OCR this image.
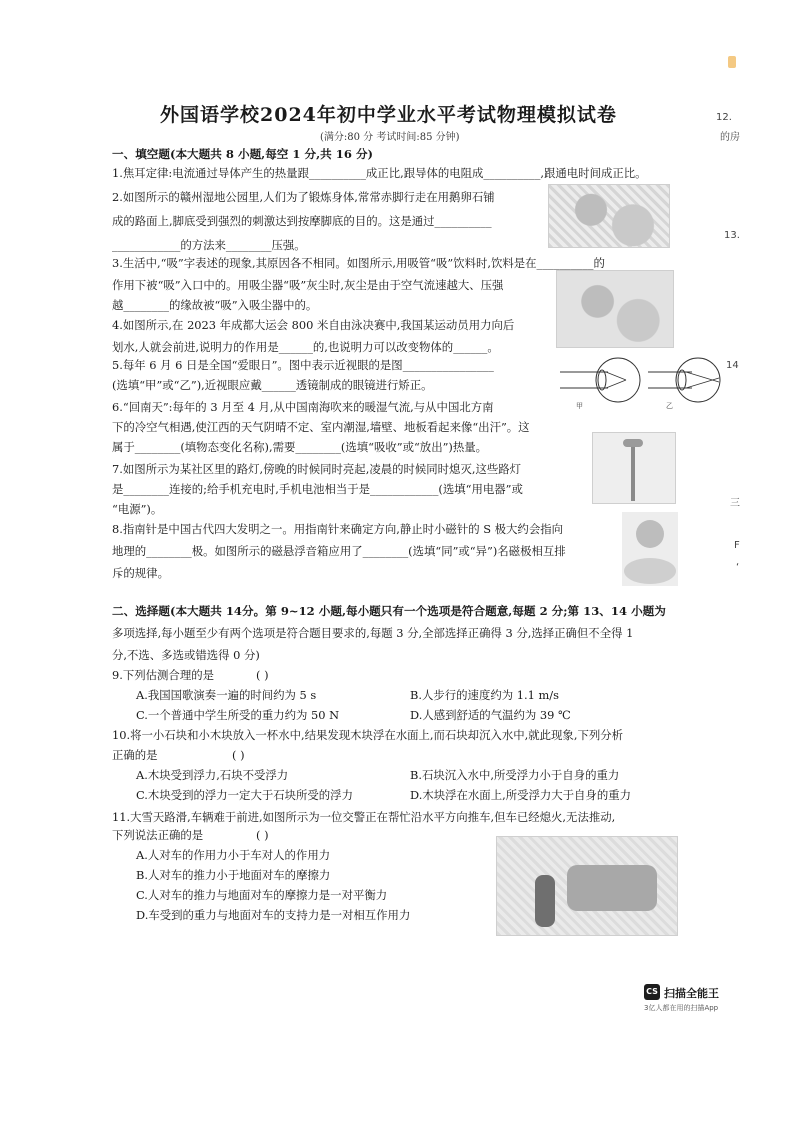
外国语学校2024年初中学业水平考试物理模拟试卷
(满分:80 分 考试时间:85 分钟)
一、填空题(本大题共 8 小题,每空 1 分,共 16 分)
1.焦耳定律:电流通过导体产生的热量跟__________成正比,跟导体的电阻成__________,跟通电时间成正比。
2.如图所示的赣州湿地公园里,人们为了锻炼身体,常常赤脚行走在用鹅卵石铺
成的路面上,脚底受到强烈的刺激达到按摩脚底的目的。这是通过__________
____________的方法来________压强。
3.生活中,“吸”字表述的现象,其原因各不相同。如图所示,用吸管“吸”饮料时,饮料是在__________的
作用下被“吸”入口中的。用吸尘器“吸”灰尘时,灰尘是由于空气流速越大、压强
越________的缘故被“吸”入吸尘器中的。
4.如图所示,在 2023 年成都大运会 800 米自由泳决赛中,我国某运动员用力向后
划水,人就会前进,说明力的作用是______的,也说明力可以改变物体的______。
5.每年 6 月 6 日是全国“爱眼日”。图中表示近视眼的是图________________
(选填“甲”或“乙”),近视眼应戴______透镜制成的眼镜进行矫正。
6.“回南天”:每年的 3 月至 4 月,从中国南海吹来的暖湿气流,与从中国北方南
下的冷空气相遇,使江西的天气阴晴不定、室内潮湿,墙壁、地板看起来像“出汗”。这
属于________(填物态变化名称),需要________(选填“吸收”或“放出”)热量。
7.如图所示为某社区里的路灯,傍晚的时候同时亮起,凌晨的时候同时熄灭,这些路灯
是________连接的;给手机充电时,手机电池相当于是____________(选填“用电器”或
“电源”)。
8.指南针是中国古代四大发明之一。用指南针来确定方向,静止时小磁针的 S 极大约会指向
地理的________极。如图所示的磁悬浮音箱应用了________(选填“同”或“异”)名磁极相互排
斥的规律。
甲	乙
二、选择题(本大题共 14分。第 9~12 小题,每小题只有一个选项是符合题意,每题 2 分;第 13、14 小题为
多项选择,每小题至少有两个选项是符合题目要求的,每题 3 分,全部选择正确得 3 分,选择正确但不全得 1
分,不选、多选或错选得 0 分)
9.下列估测合理的是	( )
A.我国国歌演奏一遍的时间约为 5 s	B.人步行的速度约为 1.1 m/s
C.一个普通中学生所受的重力约为 50 N	D.人感到舒适的气温约为 39 ℃
10.将一小石块和小木块放入一杯水中,结果发现木块浮在水面上,而石块却沉入水中,就此现象,下列分析
正确的是	( )
A.木块受到浮力,石块不受浮力	B.石块沉入水中,所受浮力小于自身的重力
C.木块受到的浮力一定大于石块所受的浮力	D.木块浮在水面上,所受浮力大于自身的重力
11.大雪天路滑,车辆难于前进,如图所示为一位交警正在帮忙沿水平方向推车,但车已经熄火,无法推动,
下列说法正确的是	( )
A.人对车的作用力小于车对人的作用力
B.人对车的推力小于地面对车的摩擦力
C.人对车的推力与地面对车的摩擦力是一对平衡力
D.车受到的重力与地面对车的支持力是一对相互作用力
12.
的房
13.
14
三
F
‘
CS 扫描全能王
3亿人都在用的扫描App
